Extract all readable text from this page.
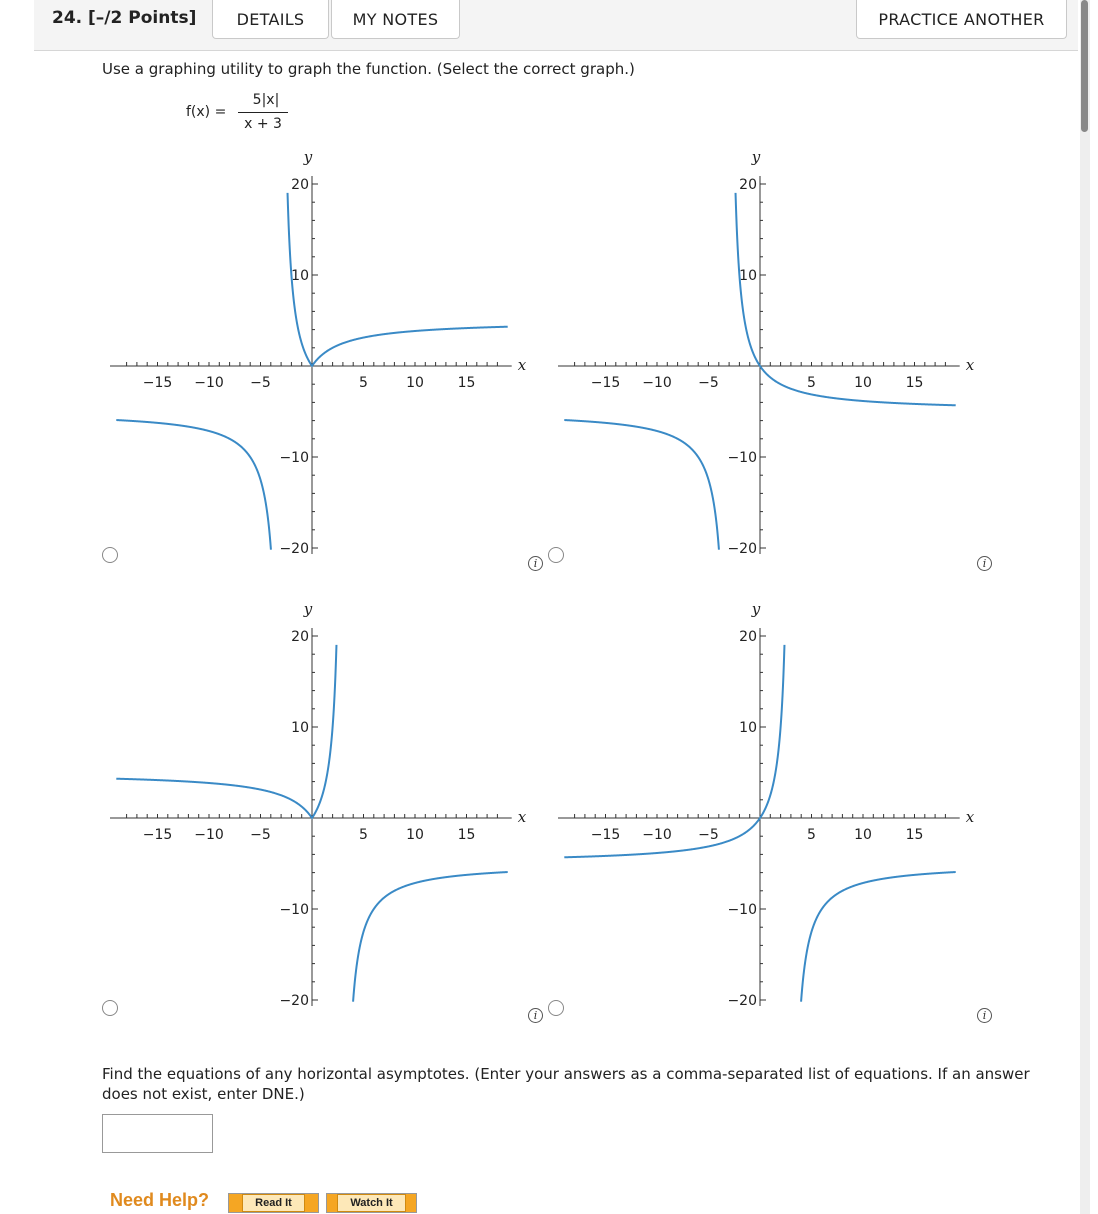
24. [–/2 Points]	DETAILS	MY NOTES	PRACTICE ANOTHER
Use a graphing utility to graph the function. (Select the correct graph.)
f(x) =
5|x|
x + 3
−15 −10 −5	5	10 15
20
10
−10
−20
x
y
i
−15 −10 −5	5	10 15
20
10
−10
−20
x
y
i
−15 −10 −5	5	10 15
20
10
−10
−20
x
y
i
−15 −10 −5	5	10 15
20
10
−10
−20
x
y
i
Find the equations of any horizontal asymptotes. (Enter your answers as a comma-separated list of equations. If an answer does not exist, enter DNE.)
Need Help?	Read It	Watch It
